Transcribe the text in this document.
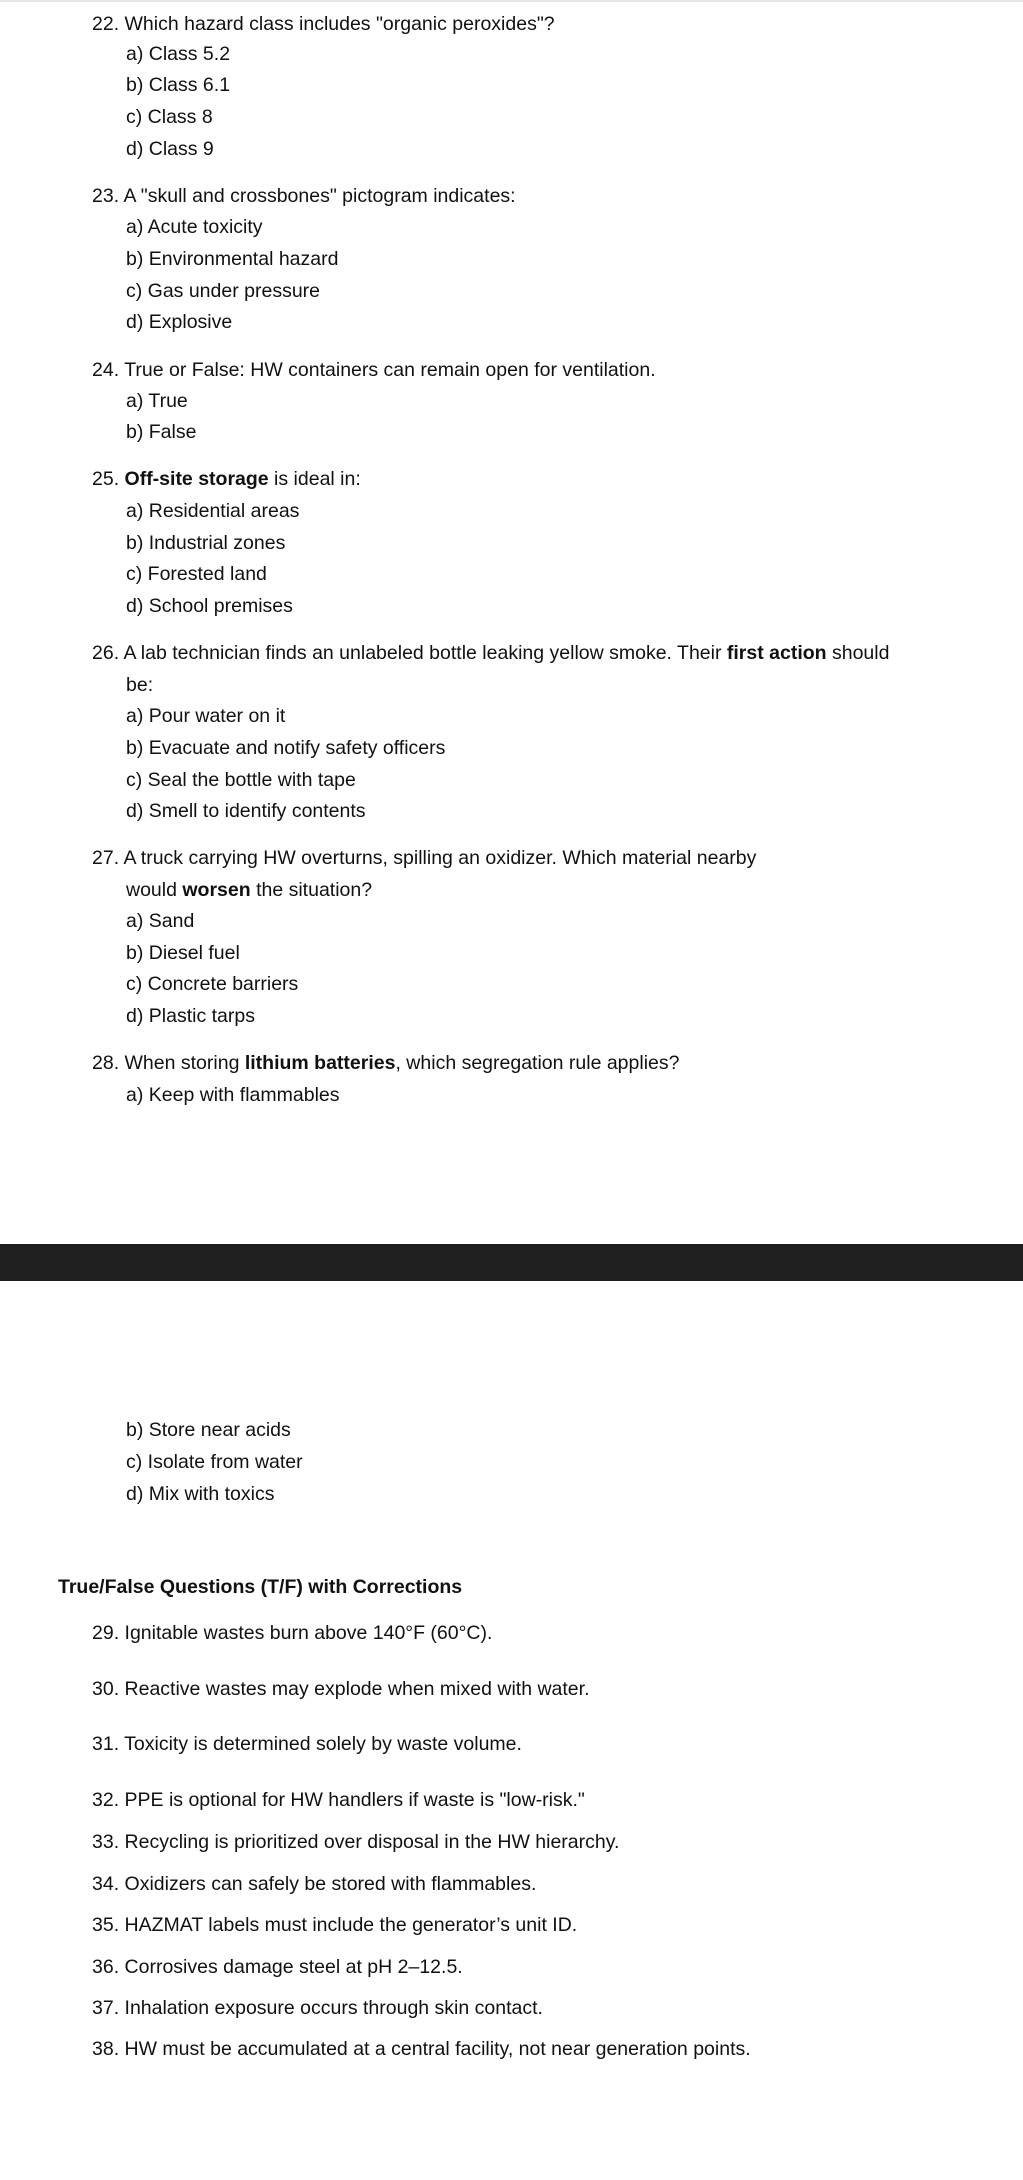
22. Which hazard class includes "organic peroxides"?

a) Class 5.2

b) Class 6.1

c) Class 8

d) Class 9

23. A "skull and crossbones" pictogram indicates:

a) Acute toxicity

b) Environmental hazard

c) Gas under pressure

d) Explosive

24. True or False: HW containers can remain open for ventilation.

a) True

b) False

25. Off-site storage is ideal in:

a) Residential areas

b) Industrial zones

c) Forested land

d) School premises

26. A lab technician finds an unlabeled bottle leaking yellow smoke. Their first action should

be:

a) Pour water on it

b) Evacuate and notify safety officers

c) Seal the bottle with tape

d) Smell to identify contents

27. A truck carrying HW overturns, spilling an oxidizer. Which material nearby

would worsen the situation?

a) Sand

b) Diesel fuel

c) Concrete barriers

d) Plastic tarps

28. When storing lithium batteries, which segregation rule applies?

a) Keep with flammables

b) Store near acids

c) Isolate from water

d) Mix with toxics

True/False Questions (T/F) with Corrections

29. Ignitable wastes burn above 140°F (60°C).

30. Reactive wastes may explode when mixed with water.

31. Toxicity is determined solely by waste volume.

32. PPE is optional for HW handlers if waste is "low-risk."

33. Recycling is prioritized over disposal in the HW hierarchy.

34. Oxidizers can safely be stored with flammables.

35. HAZMAT labels must include the generator’s unit ID.

36. Corrosives damage steel at pH 2–12.5.

37. Inhalation exposure occurs through skin contact.

38. HW must be accumulated at a central facility, not near generation points.
